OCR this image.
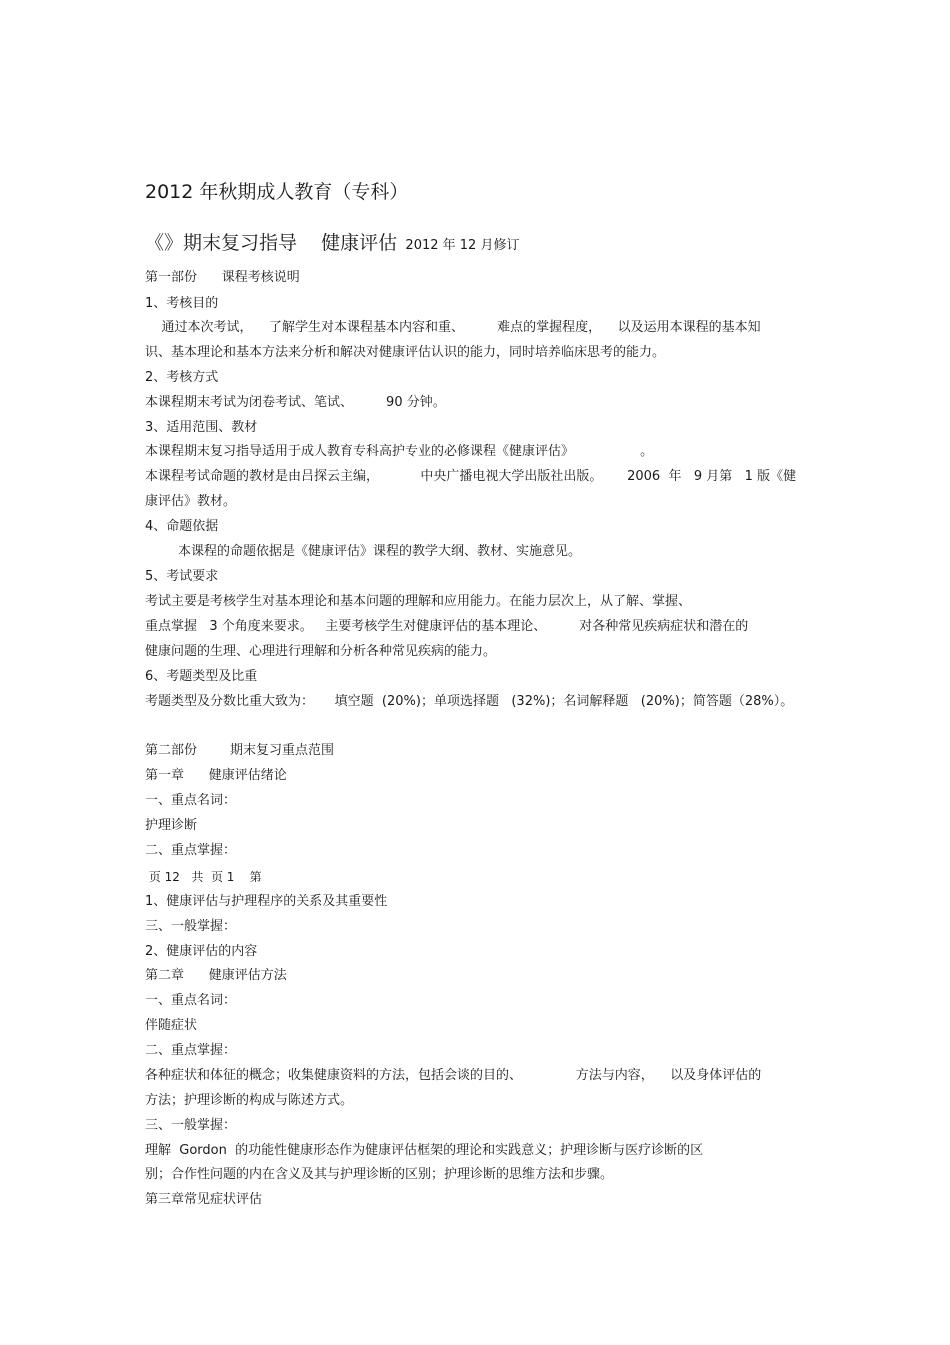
2012 年秋期成人教育（专科）
《》期末复习指导    健康评估  2012 年 12 月修订
第一部份      课程考核说明
1、考核目的
通过本次考试，    了解学生对本课程基本内容和重、        难点的掌握程度，    以及运用本课程的基本知
识、基本理论和基本方法来分析和解决对健康评估认识的能力，同时培养临床思考的能力。
2、考核方式
本课程期末考试为闭卷考试、笔试、        90 分钟。
3、适用范围、教材
本课程期末复习指导适用于成人教育专科高护专业的必修课程《健康评估》                。
本课程考试命题的教材是由吕探云主编，          中央广播电视大学出版社出版。      2006  年   9 月第   1 版《健
康评估》教材。
4、命题依据
本课程的命题依据是《健康评估》课程的教学大纲、教材、实施意见。
5、考试要求
考试主要是考核学生对基本理论和基本问题的理解和应用能力。在能力层次上，从了解、掌握、
重点掌握   3 个角度来要求。   主要考核学生对健康评估的基本理论、        对各种常见疾病症状和潜在的
健康问题的生理、心理进行理解和分析各种常见疾病的能力。
6、考题类型及比重
考题类型及分数比重大致为：     填空题  (20%)；单项选择题   (32%)；名词解释题   (20%)；简答题（28%）。
第二部份        期末复习重点范围
第一章      健康评估绪论
一、重点名词：
护理诊断
二、重点掌握：
页 12   共  页 1    第
1、健康评估与护理程序的关系及其重要性
三、一般掌握：
2、健康评估的内容
第二章      健康评估方法
一、重点名词：
伴随症状
二、重点掌握：
各种症状和体征的概念；收集健康资料的方法，包括会谈的目的、             方法与内容，    以及身体评估的
方法；护理诊断的构成与陈述方式。
三、一般掌握：
理解  Gordon  的功能性健康形态作为健康评估框架的理论和实践意义；护理诊断与医疗诊断的区
别；合作性问题的内在含义及其与护理诊断的区别；护理诊断的思维方法和步骤。
第三章常见症状评估
